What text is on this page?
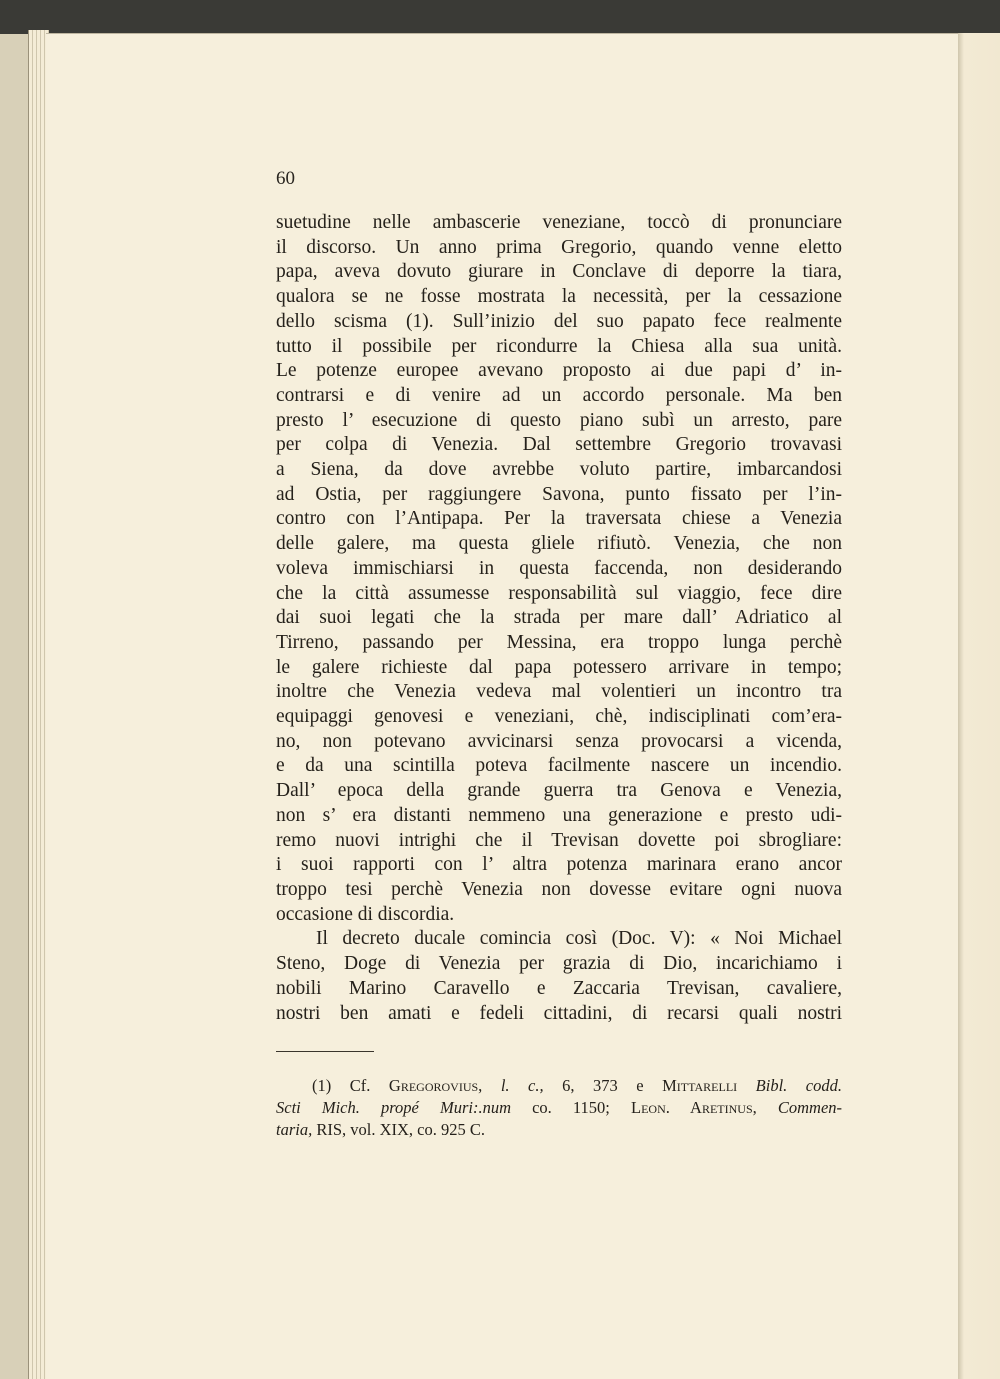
60
suetudine nelle ambascerie veneziane, toccò di pronunciare
il discorso. Un anno prima Gregorio, quando venne eletto
papa, aveva dovuto giurare in Conclave di deporre la tiara,
qualora se ne fosse mostrata la necessità, per la cessazione
dello scisma (1). Sull’inizio del suo papato fece realmente
tutto il possibile per ricondurre la Chiesa alla sua unità.
Le potenze europee avevano proposto ai due papi d’ in-
contrarsi e di venire ad un accordo personale. Ma ben
presto l’ esecuzione di questo piano subì un arresto, pare
per colpa di Venezia. Dal settembre Gregorio trovavasi
a Siena, da dove avrebbe voluto partire, imbarcandosi
ad Ostia, per raggiungere Savona, punto fissato per l’in-
contro con l’Antipapa. Per la traversata chiese a Venezia
delle galere, ma questa gliele rifiutò. Venezia, che non
voleva immischiarsi in questa faccenda, non desiderando
che la città assumesse responsabilità sul viaggio, fece dire
dai suoi legati che la strada per mare dall’ Adriatico al
Tirreno, passando per Messina, era troppo lunga perchè
le galere richieste dal papa potessero arrivare in tempo;
inoltre che Venezia vedeva mal volentieri un incontro tra
equipaggi genovesi e veneziani, chè, indisciplinati com’era-
no, non potevano avvicinarsi senza provocarsi a vicenda,
e da una scintilla poteva facilmente nascere un incendio.
Dall’ epoca della grande guerra tra Genova e Venezia,
non s’ era distanti nemmeno una generazione e presto udi-
remo nuovi intrighi che il Trevisan dovette poi sbrogliare:
i suoi rapporti con l’ altra potenza marinara erano ancor
troppo tesi perchè Venezia non dovesse evitare ogni nuova
occasione di discordia.
Il decreto ducale comincia così (Doc. V): « Noi Michael
Steno, Doge di Venezia per grazia di Dio, incarichiamo i
nobili Marino Caravello e Zaccaria Trevisan, cavaliere,
nostri ben amati e fedeli cittadini, di recarsi quali nostri
(1) Cf. Gregorovius, l. c., 6, 373 e Mittarelli Bibl. codd.
Scti Mich. propé Muri:.num co. 1150; Leon. Aretinus, Commen-
taria, RIS, vol. XIX, co. 925 C.
